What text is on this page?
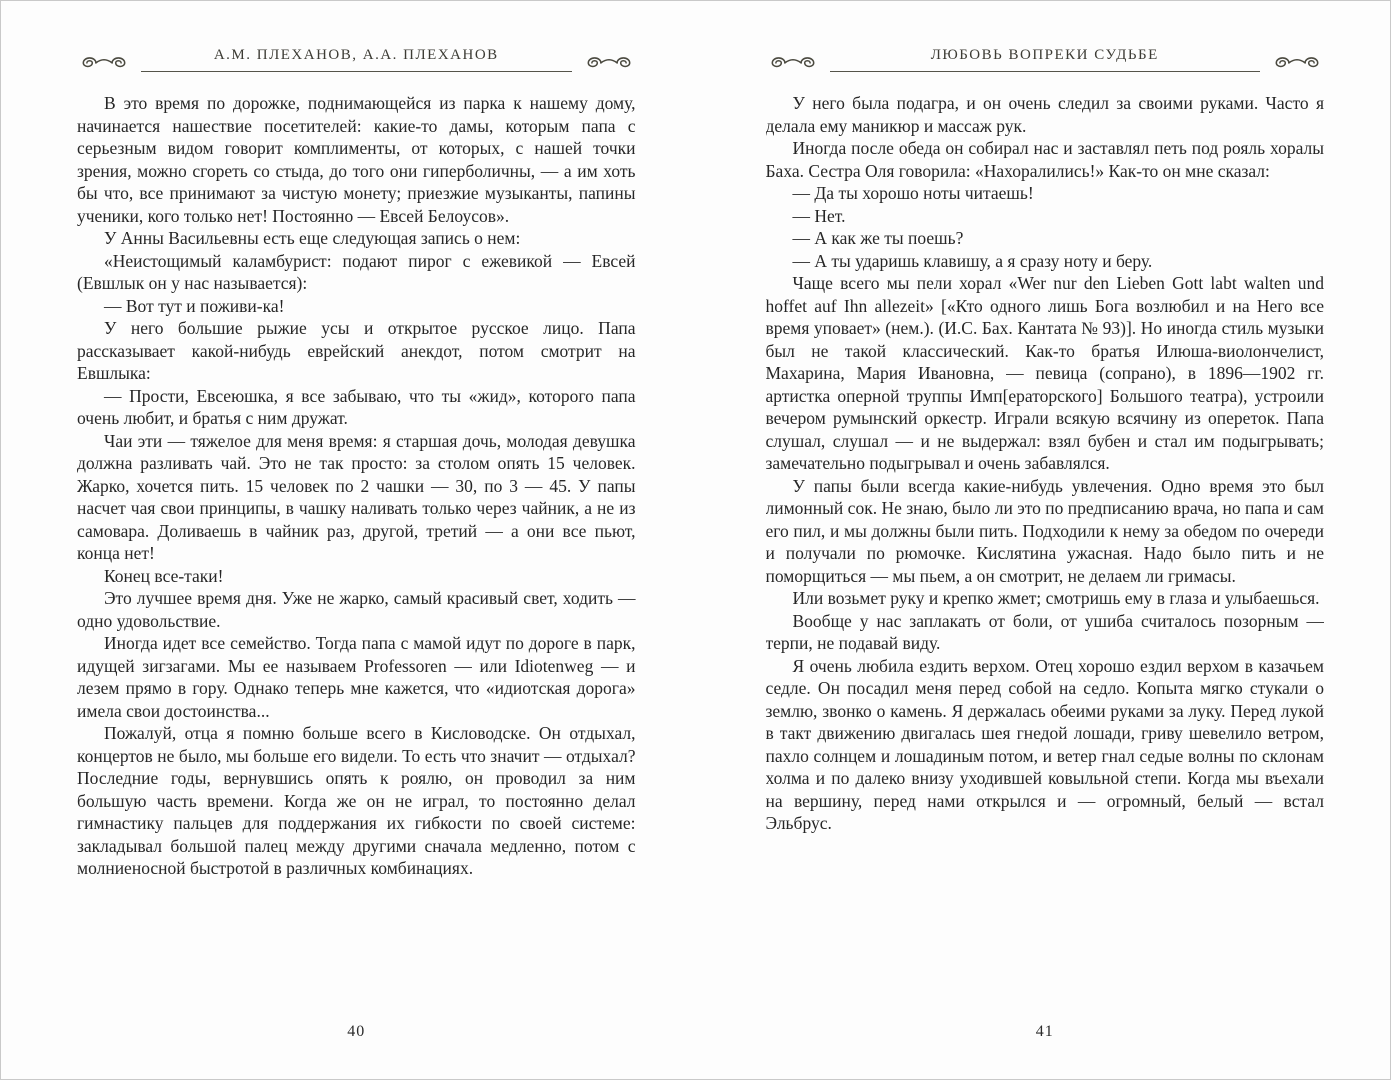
А.М. ПЛЕХАНОВ, А.А. ПЛЕХАНОВ

В это время по дорожке, поднимающейся из парка к нашему дому, начинается нашествие посетителей: какие-то дамы, которым папа с серьезным видом говорит комплименты, от которых, с нашей точки зрения, можно сгореть со стыда, до того они гиперболичны, — а им хоть бы что, все принимают за чистую монету; приезжие музыканты, папины ученики, кого только нет! Постоянно — Евсей Белоусов».

У Анны Васильевны есть еще следующая запись о нем:

«Неистощимый каламбурист: подают пирог с ежевикой — Евсей (Евшлык он у нас называется):

— Вот тут и поживи-ка!

У него большие рыжие усы и открытое русское лицо. Папа рассказывает какой-нибудь еврейский анекдот, потом смотрит на Евшлыка:

— Прости, Евсеюшка, я все забываю, что ты «жид», которого папа очень любит, и братья с ним дружат.

Чаи эти — тяжелое для меня время: я старшая дочь, молодая девушка должна разливать чай. Это не так просто: за столом опять 15 человек. Жарко, хочется пить. 15 человек по 2 чашки — 30, по 3 — 45. У папы насчет чая свои принципы, в чашку наливать только через чайник, а не из самовара. Доливаешь в чайник раз, другой, третий — а они все пьют, конца нет!

Конец все-таки!

Это лучшее время дня. Уже не жарко, самый красивый свет, ходить — одно удовольствие.

Иногда идет все семейство. Тогда папа с мамой идут по дороге в парк, идущей зигзагами. Мы ее называем Professoren — или Idiotenweg — и лезем прямо в гору. Однако теперь мне кажется, что «идиотская дорога» имела свои достоинства...

Пожалуй, отца я помню больше всего в Кисловодске. Он отдыхал, концертов не было, мы больше его видели. То есть что значит — отдыхал? Последние годы, вернувшись опять к роялю, он проводил за ним большую часть времени. Когда же он не играл, то постоянно делал гимнастику пальцев для поддержания их гибкости по своей системе: закладывал большой палец между другими сначала медленно, потом с молниеносной быстротой в различных комбинациях.

40
ЛЮБОВЬ ВОПРЕКИ СУДЬБЕ

У него была подагра, и он очень следил за своими руками. Часто я делала ему маникюр и массаж рук.

Иногда после обеда он собирал нас и заставлял петь под рояль хоралы Баха. Сестра Оля говорила: «Нахоралились!» Как-то он мне сказал:

— Да ты хорошо ноты читаешь!

— Нет.

— А как же ты поешь?

— А ты ударишь клавишу, а я сразу ноту и беру.

Чаще всего мы пели хорал «Wer nur den Lieben Gott labt walten und hoffet auf Ihn allezeit» [«Кто одного лишь Бога возлюбил и на Него все время уповает» (нем.). (И.С. Бах. Кантата № 93)]. Но иногда стиль музыки был не такой классический. Как-то братья Илюша-виолончелист, Махарина, Мария Ивановна, — певица (сопрано), в 1896—1902 гг. артистка оперной труппы Имп[ераторского] Большого театра), устроили вечером румынский оркестр. Играли всякую всячину из опереток. Папа слушал, слушал — и не выдержал: взял бубен и стал им подыгрывать; замечательно подыгрывал и очень забавлялся.

У папы были всегда какие-нибудь увлечения. Одно время это был лимонный сок. Не знаю, было ли это по предписанию врача, но папа и сам его пил, и мы должны были пить. Подходили к нему за обедом по очереди и получали по рюмочке. Кислятина ужасная. Надо было пить и не поморщиться — мы пьем, а он смотрит, не делаем ли гримасы.

Или возьмет руку и крепко жмет; смотришь ему в глаза и улыбаешься.

Вообще у нас заплакать от боли, от ушиба считалось позорным — терпи, не подавай виду.

Я очень любила ездить верхом. Отец хорошо ездил верхом в казачьем седле. Он посадил меня перед собой на седло. Копыта мягко стукали о землю, звонко о камень. Я держалась обеими руками за луку. Перед лукой в такт движению двигалась шея гнедой лошади, гриву шевелило ветром, пахло солнцем и лошадиным потом, и ветер гнал седые волны по склонам холма и по далеко внизу уходившей ковыльной степи. Когда мы въехали на вершину, перед нами открылся и — огромный, белый — встал Эльбрус.

41
